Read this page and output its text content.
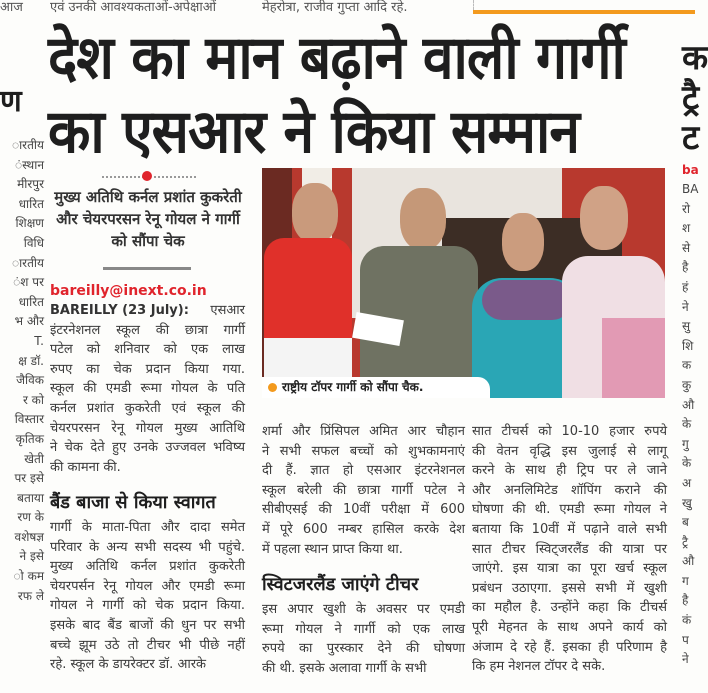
आज एवं उनकी आवश्यकताओं-अपेक्षाओं	मेहरोत्रा, राजीव गुप्ता आदि रहे.
देश का मान बढ़ाने वाली गार्गी
का एसआर ने किया सम्मान
ण
ारतीय
ंस्थान
मीरपुर
धारित
शिक्षण
विधि
ारतीय
ंश पर
धारित
भ और
T.
क्ष डॉ.
जैविक
र को
विस्तार
कृतिक
खेती
पर इसे
बताया
रण के
वशेषज्ञ
ने इसे
ो कम
रफ ले
मुख्य अतिथि कर्नल प्रशांत कुकरेती और चेयरपरसन रेनू गोयल ने गार्गी को सौंपा चेक
bareilly@inext.co.in
BAREILLY (23 July): एसआर
इंटरनेशनल स्कूल की छात्रा गार्गी
पटेल को शनिवार को एक लाख
रुपए का चेक प्रदान किया गया.
स्कूल की एमडी रूमा गोयल के पति
कर्नल प्रशांत कुकरेती एवं स्कूल की
चेयरपरसन रेनू गोयल मुख्य आतिथि
ने चेक देते हुए उनके उज्जवल भविष्य
की कामना की.
बैंड बाजा से किया स्वागत
गार्गी के माता-पिता और दादा समेत
परिवार के अन्य सभी सदस्य भी पहुंचे.
मुख्य अतिथि कर्नल प्रशांत कुकरेती
चेयरपर्सन रेनू गोयल और एमडी रूमा
गोयल ने गार्गी को चेक प्रदान किया.
इसके बाद बैंड बाजों की धुन पर सभी
बच्चे झूम उठे तो टीचर भी पीछे नहीं
रहे. स्कूल के डायरेक्टर डॉ. आरके
राष्ट्रीय टॉपर गार्गी को सौंपा चैक.
शर्मा और प्रिंसिपल अमित आर चौहान
ने सभी सफल बच्चों को शुभकामनाएं
दी हैं. ज्ञात हो एसआर इंटरनेशनल
स्कूल बरेली की छात्रा गार्गी पटेल ने
सीबीएसई की 10वीं परीक्षा में 600
में पूरे 600 नम्बर हासिल करके देश
में पहला स्थान प्राप्त किया था.
स्विटजरलैंड जाएंगे टीचर
इस अपार खुशी के अवसर पर एमडी
रूमा गोयल ने गार्गी को एक लाख
रुपये का पुरस्कार देने की घोषणा
की थी. इसके अलावा गार्गी के सभी
सात टीचर्स को 10-10 हजार रुपये
की वेतन वृद्धि इस जुलाई से लागू
करने के साथ ही ट्रिप पर ले जाने
और अनलिमिटेड शॉपिंग कराने की
घोषणा की थी. एमडी रूमा गोयल ने
बताया कि 10वीं में पढ़ाने वाले सभी
सात टीचर स्विट्जरलैंड की यात्रा पर
जाएंगे. इस यात्रा का पूरा खर्च स्कूल
प्रबंधन उठाएगा. इससे सभी में खुशी
का महौल है. उन्होंने कहा कि टीचर्स
पूरी मेहनत के साथ अपने कार्य को
अंजाम दे रहे हैं. इसका ही परिणाम है
कि हम नेशनल टॉपर दे सके.
क
ट्रै
ट
ba
BA
रो
श
से
है
हं
ने
सु
शि
क
कु
औ
के
गु
के
अ
खु
ब
ट्रै
औ
ग
है
कं
प
ने
